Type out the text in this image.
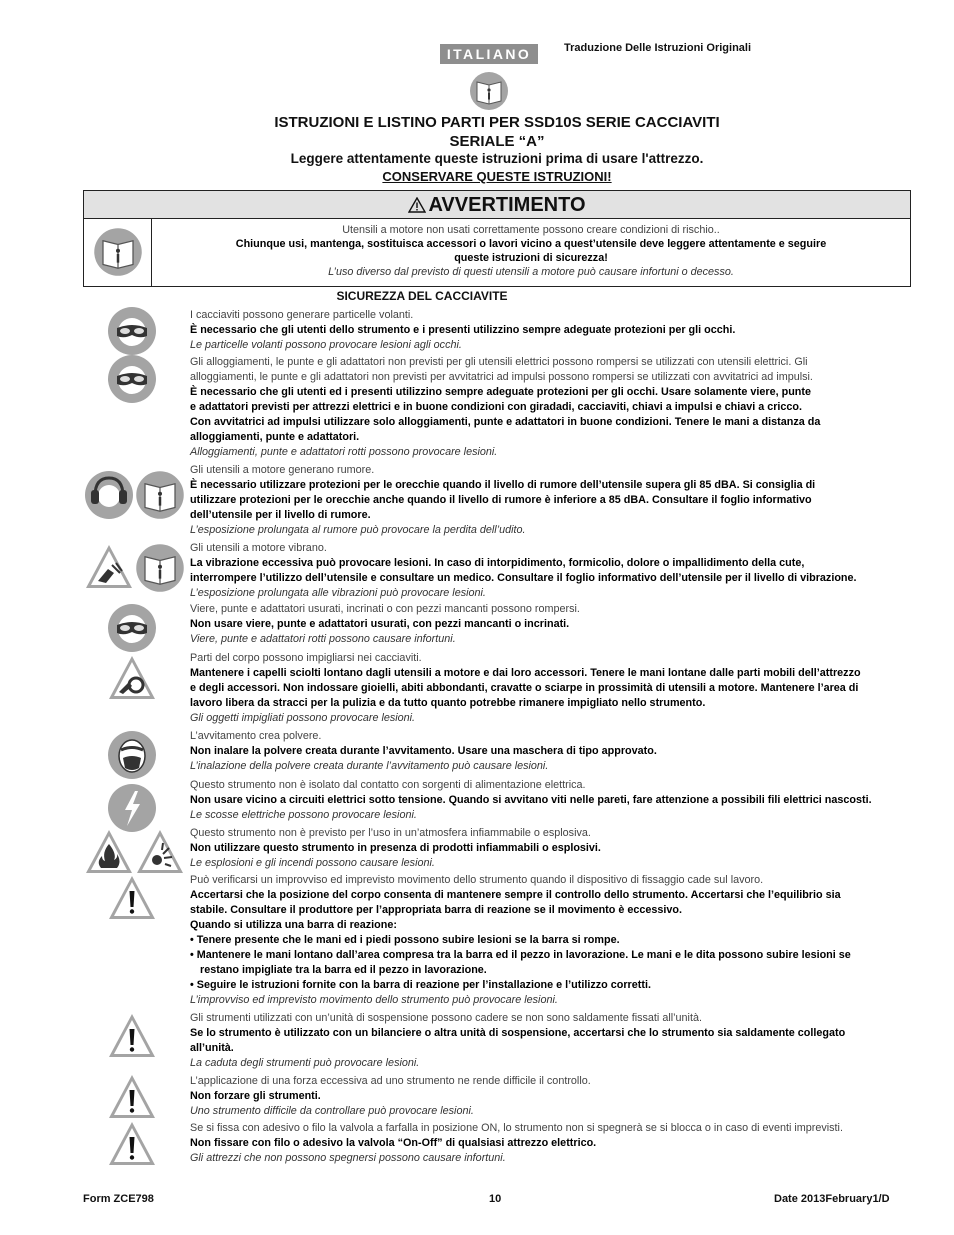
ITALIANO	Traduzione Delle Istruzioni Originali
ISTRUZIONI E LISTINO PARTI PER SSD10S SERIE CACCIAVITI
SERIALE “A”
Leggere attentamente queste istruzioni prima di usare l'attrezzo.
CONSERVARE QUESTE ISTRUZIONI!
AVVERTIMENTO

Utensili a motore non usati correttamente possono creare condizioni di rischio..

Chiunque usi, mantenga, sostituisca accessori o lavori vicino a quest’utensile deve leggere attentamente e seguire

queste istruzioni di sicurezza!

L’uso diverso dal previsto di questi utensili a motore può causare infortuni o decesso.

SICUREZZA DEL CACCIAVITE

I cacciaviti possono generare particelle volanti.

È necessario che gli utenti dello strumento e i presenti utilizzino sempre adeguate protezioni per gli occhi.

Le particelle volanti possono provocare lesioni agli occhi.

Gli alloggiamenti, le punte e gli adattatori non previsti per gli utensili elettrici possono rompersi se utilizzati con utensili elettrici. Gli

alloggiamenti, le punte e gli adattatori non previsti per avvitatrici ad impulsi possono rompersi se utilizzati con avvitatrici ad impulsi.

È necessario che gli utenti ed i presenti utilizzino sempre adeguate protezioni per gli occhi. Usare solamente viere, punte

e adattatori previsti per attrezzi elettrici e in buone condizioni con giradadi, cacciaviti, chiavi a impulsi e chiavi a cricco.

Con avvitatrici ad impulsi utilizzare solo alloggiamenti, punte e adattatori in buone condizioni. Tenere le mani a distanza da

alloggiamenti, punte e adattatori.

Alloggiamenti, punte e adattatori rotti possono provocare lesioni.

Gli utensili a motore generano rumore.

È necessario utilizzare protezioni per le orecchie quando il livello di rumore dell’utensile supera gli 85 dBA. Si consiglia di

utilizzare protezioni per le orecchie anche quando il livello di rumore è inferiore a 85 dBA. Consultare il foglio informativo

dell’utensile per il livello di rumore.

L’esposizione prolungata al rumore può provocare la perdita dell’udito.

Gli utensili a motore vibrano.

La vibrazione eccessiva può provocare lesioni. In caso di intorpidimento, formicolio, dolore o impallidimento della cute,

interrompere l’utilizzo dell’utensile e consultare un medico. Consultare il foglio informativo dell’utensile per il livello di vibrazione.

L’esposizione prolungata alle vibrazioni può provocare lesioni.

Viere, punte e adattatori usurati, incrinati o con pezzi mancanti possono rompersi.

Non usare viere, punte e adattatori usurati, con pezzi mancanti o incrinati.

Viere, punte e adattatori rotti possono causare infortuni.

Parti del corpo possono impigliarsi nei cacciaviti.

Mantenere i capelli sciolti lontano dagli utensili a motore e dai loro accessori. Tenere le mani lontane dalle parti mobili dell’attrezzo

e degli accessori. Non indossare gioielli, abiti abbondanti, cravatte o sciarpe in prossimità di utensili a motore. Mantenere l’area di

lavoro libera da stracci per la pulizia e da tutto quanto potrebbe rimanere impigliato nello strumento.

Gli oggetti impigliati possono provocare lesioni.

L’avvitamento crea polvere.

Non inalare la polvere creata durante l’avvitamento. Usare una maschera di tipo approvato.

L’inalazione della polvere creata durante l’avvitamento può causare lesioni.

Questo strumento non è isolato dal contatto con sorgenti di alimentazione elettrica.

Non usare vicino a circuiti elettrici sotto tensione. Quando si avvitano viti nelle pareti, fare attenzione a possibili fili elettrici nascosti.

Le scosse elettriche possono provocare lesioni.

Questo strumento non è previsto per l’uso in un’atmosfera infiammabile o esplosiva.

Non utilizzare questo strumento in presenza di prodotti infiammabili o esplosivi.

Le esplosioni e gli incendi possono causare lesioni.

Può verificarsi un improvviso ed imprevisto movimento dello strumento quando il dispositivo di fissaggio cade sul lavoro.

Accertarsi che la posizione del corpo consenta di mantenere sempre il controllo dello strumento. Accertarsi che l’equilibrio sia

stabile. Consultare il produttore per l’appropriata barra di reazione se il movimento è eccessivo.

Quando si utilizza una barra di reazione:

• Tenere presente che le mani ed i piedi possono subire lesioni se la barra si rompe.

• Mantenere le mani lontano dall’area compresa tra la barra ed il pezzo in lavorazione. Le mani e le dita possono subire lesioni se

restano impigliate tra la barra ed il pezzo in lavorazione.

• Seguire le istruzioni fornite con la barra di reazione per l’installazione e l’utilizzo corretti.

L’improvviso ed imprevisto movimento dello strumento può provocare lesioni.

Gli strumenti utilizzati con un’unità di sospensione possono cadere se non sono saldamente fissati all’unità.

Se lo strumento è utilizzato con un bilanciere o altra unità di sospensione, accertarsi che lo strumento sia saldamente collegato

all’unità.

La caduta degli strumenti può provocare lesioni.

L’applicazione di una forza eccessiva ad uno strumento ne rende difficile il controllo.

Non forzare gli strumenti.

Uno strumento difficile da controllare può provocare lesioni.

Se si fissa con adesivo o filo la valvola a farfalla in posizione ON, lo strumento non si spegnerà se si blocca o in caso di eventi imprevisti.

Non fissare con filo o adesivo la valvola “On-Off” di qualsiasi attrezzo elettrico.

Gli attrezzi che non possono spegnersi possono causare infortuni.

Form ZCE798	10	Date 2013February1/D
